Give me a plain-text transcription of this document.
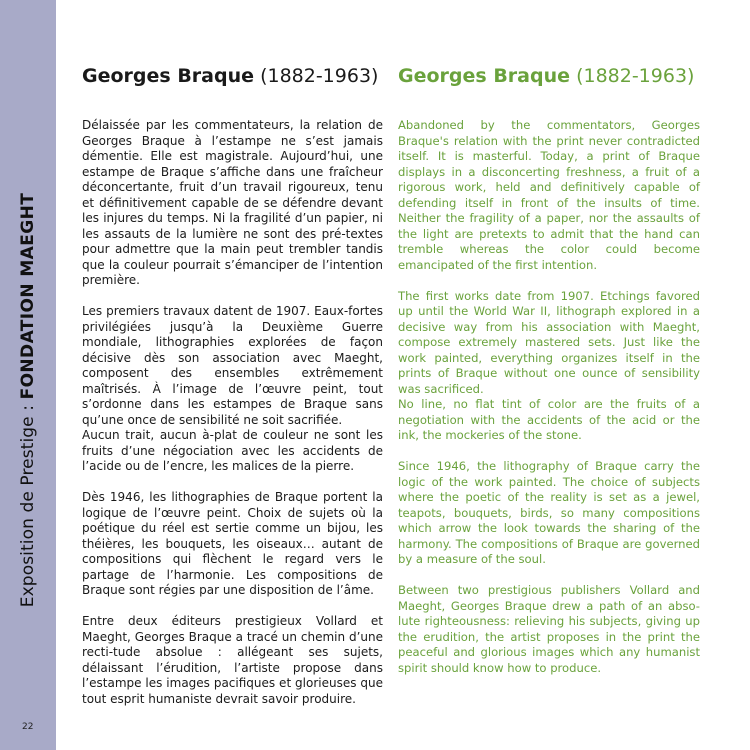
Exposition de Prestige : FONDATION MAEGHT
22
Georges Braque (1882-1963)

Délaissée par les commentateurs, la relation de Georges Braque à l’estampe ne s’est jamais démentie. Elle est magistrale. Aujourd’hui, une estampe de Braque s’affiche dans une fraîcheur déconcertante, fruit d’un travail rigoureux, tenu et définitivement capable de se défendre devant les injures du temps. Ni la fragilité d’un papier, ni les assauts de la lumière ne sont des pré-textes pour admettre que la main peut trembler tandis que la couleur pourrait s’émanciper de l’intention première.

Les premiers travaux datent de 1907. Eaux-fortes privilégiées jusqu’à la Deuxième Guerre mondiale, lithographies explorées de façon décisive dès son association avec Maeght, composent des ensembles extrêmement maîtrisés. À l’image de l’œuvre peint, tout s’ordonne dans les estampes de Braque sans qu’une once de sensibilité ne soit sacrifiée.
Aucun trait, aucun à-plat de couleur ne sont les fruits d’une négociation avec les accidents de l’acide ou de l’encre, les malices de la pierre.

Dès 1946, les lithographies de Braque portent la logique de l’œuvre peint. Choix de sujets où la poétique du réel est sertie comme un bijou, les théières, les bouquets, les oiseaux… autant de compositions qui flèchent le regard vers le partage de l’harmonie. Les compositions de Braque sont régies par une disposition de l’âme.

Entre deux éditeurs prestigieux Vollard et Maeght, Georges Braque a tracé un chemin d’une recti-tude absolue : allégeant ses sujets, délaissant l’érudition, l’artiste propose dans l’estampe les images pacifiques et glorieuses que tout esprit humaniste devrait savoir produire.

Georges Braque (1882-1963)

Abandoned by the commentators, Georges Braque's relation with the print never contradicted itself. It is masterful. Today, a print of Braque displays in a disconcerting freshness, a fruit of a rigorous work, held and definitively capable of defending itself in front of the insults of time. Neither the fragility of a paper, nor the assaults of the light are pretexts to admit that the hand can tremble whereas the color could become emancipated of the first intention.

The first works date from 1907. Etchings favored up until the World War II, lithograph explored in a decisive way from his association with Maeght, compose extremely mastered sets. Just like the work painted, everything organizes itself in the prints of Braque without one ounce of sensibility was sacrificed.
No line, no flat tint of color are the fruits of a negotiation with the accidents of the acid or the ink, the mockeries of the stone.

Since 1946, the lithography of Braque carry the logic of the work painted. The choice of subjects where the poetic of the reality is set as a jewel, teapots, bouquets, birds, so many compositions which arrow the look towards the sharing of the harmony. The compositions of Braque are governed by a measure of the soul.

Between two prestigious publishers Vollard and Maeght, Georges Braque drew a path of an abso-lute righteousness: relieving his subjects, giving up the erudition, the artist proposes in the print the peaceful and glorious images which any humanist spirit should know how to produce.
